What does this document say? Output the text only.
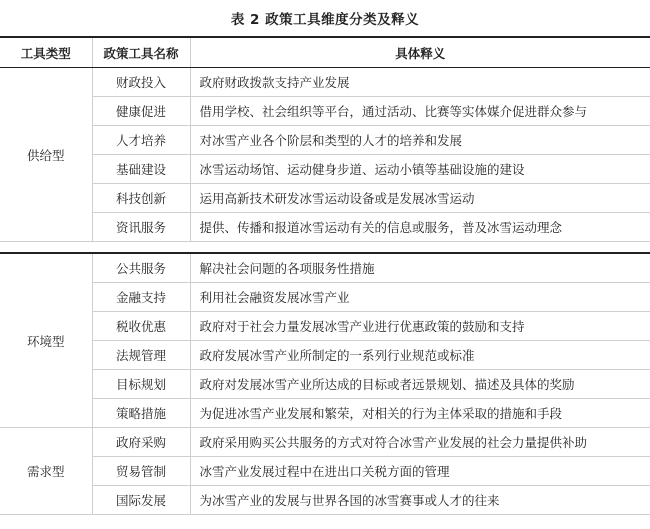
表 2 政策工具维度分类及释义
工具类型	政策工具名称	具体释义
供给型	财政投入	政府财政拨款支持产业发展
	健康促进	借用学校、社会组织等平台，通过活动、比赛等实体媒介促进群众参与
	人才培养	对冰雪产业各个阶层和类型的人才的培养和发展
	基础建设	冰雪运动场馆、运动健身步道、运动小镇等基础设施的建设
	科技创新	运用高新技术研发冰雪运动设备或是发展冰雪运动
	资讯服务	提供、传播和报道冰雪运动有关的信息或服务，普及冰雪运动理念

环境型	公共服务	解决社会问题的各项服务性措施
	金融支持	利用社会融资发展冰雪产业
	税收优惠	政府对于社会力量发展冰雪产业进行优惠政策的鼓励和支持
	法规管理	政府发展冰雪产业所制定的一系列行业规范或标准
	目标规划	政府对发展冰雪产业所达成的目标或者远景规划、描述及具体的奖励
	策略措施	为促进冰雪产业发展和繁荣，对相关的行为主体采取的措施和手段
需求型	政府采购	政府采用购买公共服务的方式对符合冰雪产业发展的社会力量提供补助
	贸易管制	冰雪产业发展过程中在进出口关税方面的管理
	国际发展	为冰雪产业的发展与世界各国的冰雪赛事或人才的往来
